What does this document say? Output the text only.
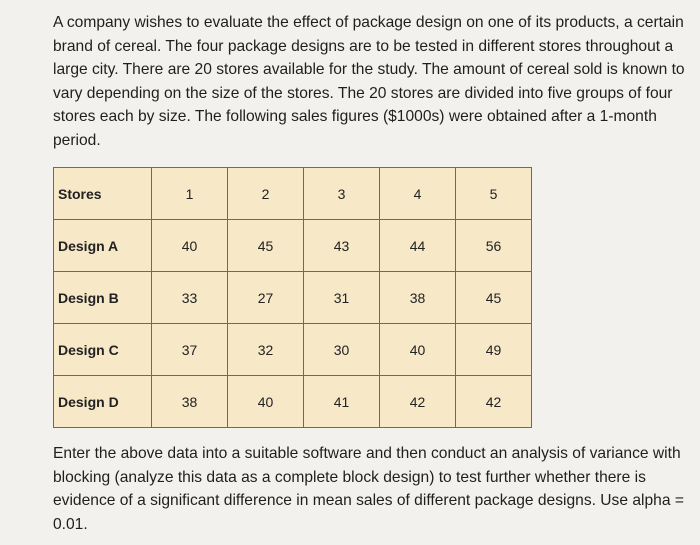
A company wishes to evaluate the effect of package design on one of its products, a certain brand of cereal. The four package designs are to be tested in different stores throughout a large city. There are 20 stores available for the study. The amount of cereal sold is known to vary depending on the size of the stores. The 20 stores are divided into five groups of four stores each by size. The following sales figures ($1000s) were obtained after a 1-month period.

Stores	1	2	3	4	5
Design A	40	45	43	44	56
Design B	33	27	31	38	45
Design C	37	32	30	40	49
Design D	38	40	41	42	42

Enter the above data into a suitable software and then conduct an analysis of variance with blocking (analyze this data as a complete block design) to test further whether there is evidence of a significant difference in mean sales of different package designs. Use alpha = 0.01.
